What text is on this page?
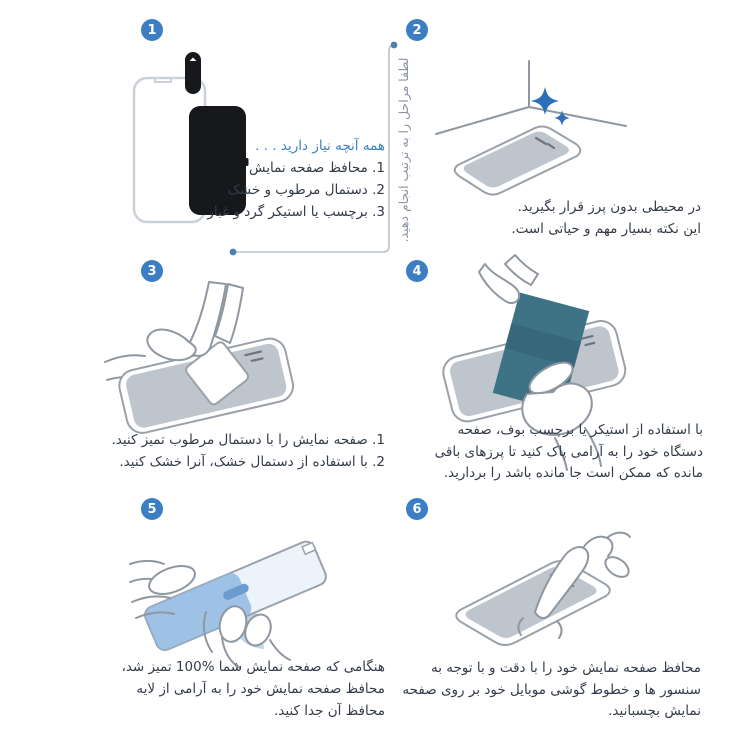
1	2
3	4
5	6
همه آنچه نیاز دارید . . .
1. محافظ صفحه نمایش
2. دستمال مرطوب و خشک
3. برچسب یا استیکر گرد و غبار لطفا مراحل را به ترتیب انجام دهید.	در محیطی بدون پرز قرار بگیرید.
این نکته بسیار مهم و حیاتی است.
1. صفحه نمایش را با دستمال مرطوب تمیز کنید.
2. با استفاده از دستمال خشک، آنرا خشک کنید.
با استفاده از استیکر یا برچسب بوف، صفحه
دستگاه خود را به آرامی پاک کنید تا پرزهای باقی
مانده که ممکن است جا مانده باشد را بردارید.
هنگامی که صفحه نمایش شما %100 تمیز شد،
محافظ صفحه نمایش خود را به آرامی از لایه
محافظ آن جدا کنید.
محافظ صفحه نمایش خود را با دقت و با توجه به
سنسور ها و خطوط گوشی موبایل خود بر روی صفحه
نمایش بچسبانید.
